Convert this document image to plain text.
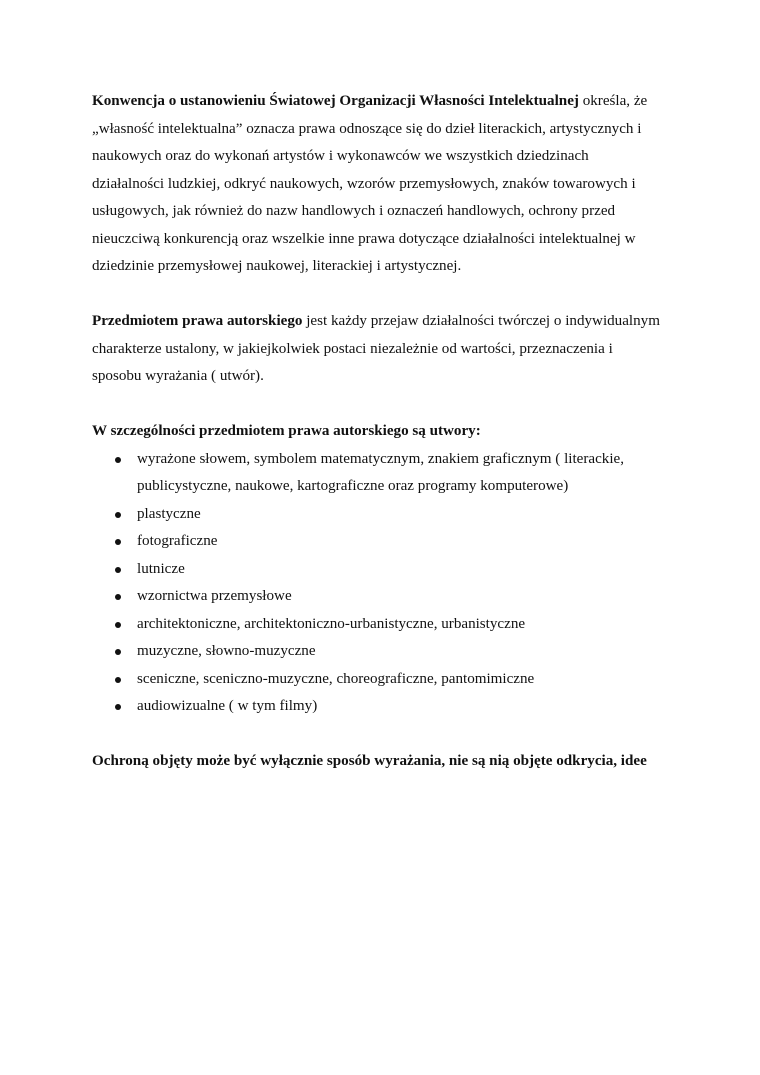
Konwencja o ustanowieniu Światowej Organizacji Własności Intelektualnej określa, że
„własność intelektualna” oznacza prawa odnoszące się do dzieł literackich, artystycznych i
naukowych oraz do wykonań artystów i wykonawców we wszystkich dziedzinach
działalności ludzkiej, odkryć naukowych, wzorów przemysłowych, znaków towarowych i
usługowych, jak również do nazw handlowych i oznaczeń handlowych, ochrony przed
nieuczciwą konkurencją oraz wszelkie inne prawa dotyczące działalności intelektualnej w
dziedzinie przemysłowej naukowej, literackiej i artystycznej.

Przedmiotem prawa autorskiego jest każdy przejaw działalności twórczej o indywidualnym
charakterze ustalony, w jakiejkolwiek postaci niezależnie od wartości, przeznaczenia i
sposobu wyrażania ( utwór).

W szczególności przedmiotem prawa autorskiego są utwory:

wyrażone słowem, symbolem matematycznym, znakiem graficznym ( literackie,
publicystyczne, naukowe, kartograficzne oraz programy komputerowe)
plastyczne
fotograficzne
lutnicze
wzornictwa przemysłowe
architektoniczne, architektoniczno-urbanistyczne, urbanistyczne
muzyczne, słowno-muzyczne
sceniczne, sceniczno-muzyczne, choreograficzne, pantomimiczne
audiowizualne ( w tym filmy)

Ochroną objęty może być wyłącznie sposób wyrażania, nie są nią objęte odkrycia, idee
